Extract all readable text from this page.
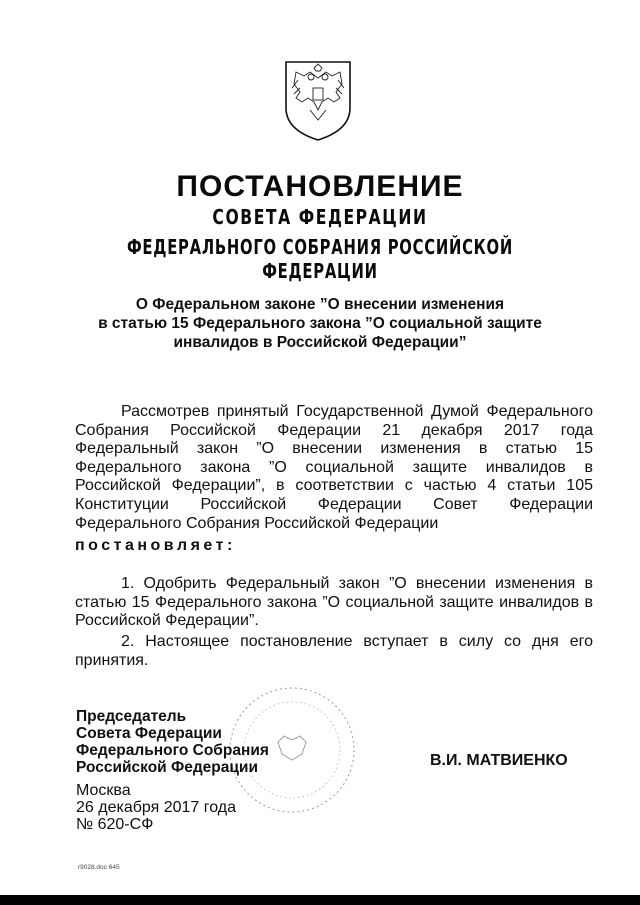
ПОСТАНОВЛЕНИЕ
СОВЕТА ФЕДЕРАЦИИ
ФЕДЕРАЛЬНОГО СОБРАНИЯ РОССИЙСКОЙ ФЕДЕРАЦИИ
О Федеральном законе ”О внесении изменения
в статью 15 Федерального закона ”О социальной защите
инвалидов в Российской Федерации”
Рассмотрев принятый Государственной Думой Федерального Собрания Российской Федерации 21 декабря 2017 года Федеральный закон ”О внесении изменения в статью 15 Федерального закона ”О социальной защите инвалидов в Российской Федерации”, в соответствии с частью 4 статьи 105 Конституции Российской Федерации Совет Федерации Федерального Собрания Российской Федерации
постановляет:
1. Одобрить Федеральный закон ”О внесении изменения в статью 15 Федерального закона ”О социальной защите инвалидов в Российской Федерации”.
2. Настоящее постановление вступает в силу со дня его принятия.
Председатель
Совета Федерации
Федерального Собрания
Российской Федерации	В.И. МАТВИЕНКО
Москва
26 декабря 2017 года
№ 620-СФ
r9028.doc 645
